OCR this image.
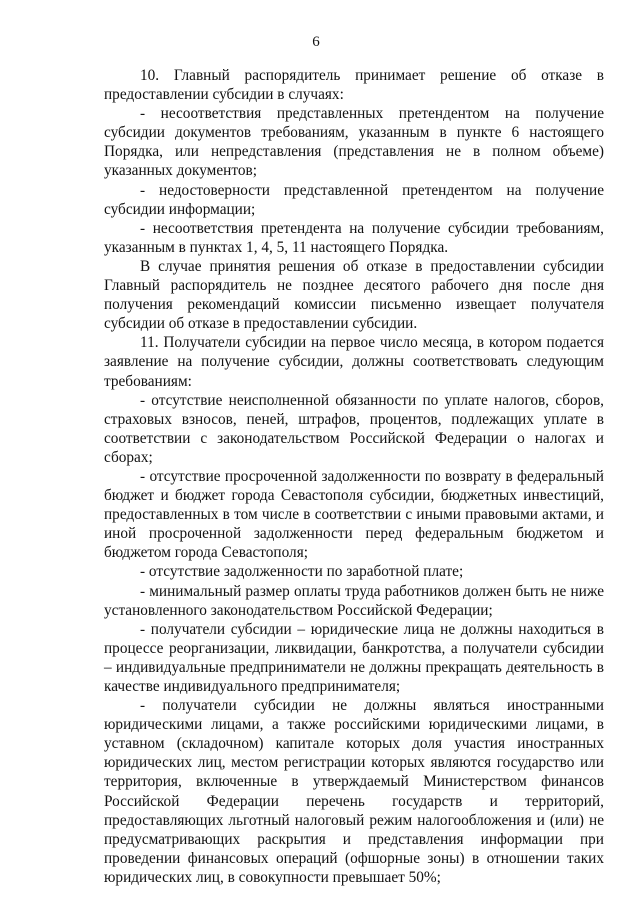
6

10. Главный распорядитель принимает решение об отказе в предоставлении субсидии в случаях:

- несоответствия представленных претендентом на получение субсидии документов требованиям, указанным в пункте 6 настоящего Порядка, или непредставления (представления не в полном объеме) указанных документов;

- недостоверности представленной претендентом на получение субсидии информации;

- несоответствия претендента на получение субсидии требованиям, указанным в пунктах 1, 4, 5, 11 настоящего Порядка.

В случае принятия решения об отказе в предоставлении субсидии Главный распорядитель не позднее десятого рабочего дня после дня получения рекомендаций комиссии письменно извещает получателя субсидии об отказе в предоставлении субсидии.

11. Получатели субсидии на первое число месяца, в котором подается заявление на получение субсидии, должны соответствовать следующим требованиям:

- отсутствие неисполненной обязанности по уплате налогов, сборов, страховых взносов, пеней, штрафов, процентов, подлежащих уплате в соответствии с законодательством Российской Федерации о налогах и сборах;

- отсутствие просроченной задолженности по возврату в федеральный бюджет и бюджет города Севастополя субсидии, бюджетных инвестиций, предоставленных в том числе в соответствии с иными правовыми актами, и иной просроченной задолженности перед федеральным бюджетом и бюджетом города Севастополя;

- отсутствие задолженности по заработной плате;

- минимальный размер оплаты труда работников должен быть не ниже установленного законодательством Российской Федерации;

- получатели субсидии – юридические лица не должны находиться в процессе реорганизации, ликвидации, банкротства, а получатели субсидии – индивидуальные предприниматели не должны прекращать деятельность в качестве индивидуального предпринимателя;

- получатели субсидии не должны являться иностранными юридическими лицами, а также российскими юридическими лицами, в уставном (складочном) капитале которых доля участия иностранных юридических лиц, местом регистрации которых являются государство или территория, включенные в утверждаемый Министерством финансов Российской Федерации перечень государств и территорий, предоставляющих льготный налоговый режим налогообложения и (или) не предусматривающих раскрытия и представления информации при проведении финансовых операций (офшорные зоны) в отношении таких юридических лиц, в совокупности превышает 50%;
